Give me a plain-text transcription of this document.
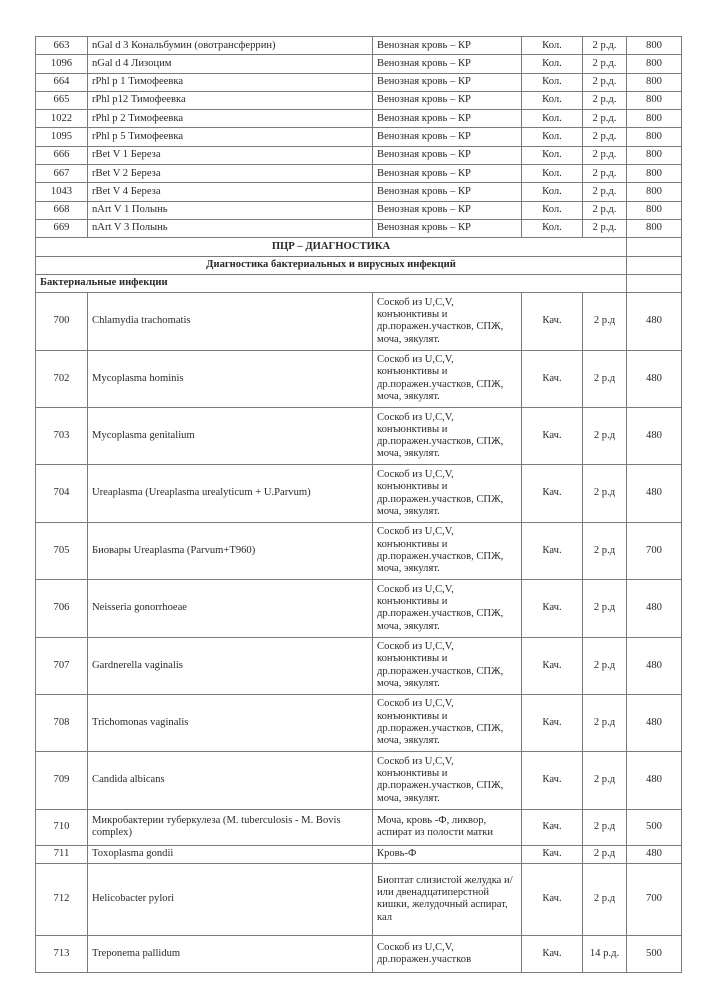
663	nGal d 3 Кональбумин (овотрансферрин)	Венозная кровь – КР	Кол.	2 р.д.	800
1096	nGal d 4 Лизоцим	Венозная кровь – КР	Кол.	2 р.д.	800
664	rPhl p 1 Тимофеевка	Венозная кровь – КР	Кол.	2 р.д.	800
665	rPhl p12 Тимофеевка	Венозная кровь – КР	Кол.	2 р.д.	800
1022	rPhl p 2 Тимофеевка	Венозная кровь – КР	Кол.	2 р.д.	800
1095	rPhl p 5 Тимофеевка	Венозная кровь – КР	Кол.	2 р.д.	800
666	rBet V 1 Береза	Венозная кровь – КР	Кол.	2 р.д.	800
667	rBet V 2 Береза	Венозная кровь – КР	Кол.	2 р.д.	800
1043	rBet V 4 Береза	Венозная кровь – КР	Кол.	2 р.д.	800
668	nArt V 1 Полынь	Венозная кровь – КР	Кол.	2 р.д.	800
669	nArt V 3 Полынь	Венозная кровь – КР	Кол.	2 р.д.	800
ПЦР – ДИАГНОСТИКА					
Диагностика бактериальных и вирусных инфекций					
Бактериальные инфекции					
700	Chlamydia trachomatis	Соскоб из U,C,V, конъюнктивы и др.поражен.участков, СПЖ, моча, эякулят.	Кач.	2 р.д	480
702	Mycoplasma hominis	Соскоб из U,C,V, конъюнктивы и др.поражен.участков, СПЖ, моча, эякулят.	Кач.	2 р.д	480
703	Mycoplasma genitalium	Соскоб из U,C,V, конъюнктивы и др.поражен.участков, СПЖ, моча, эякулят.	Кач.	2 р.д	480
704	Ureaplasma (Ureaplasma urealyticum + U.Parvum)	Соскоб из U,C,V, конъюнктивы и др.поражен.участков, СПЖ, моча, эякулят.	Кач.	2 р.д	480
705	Биовары Ureaplasma (Parvum+T960)	Соскоб из U,C,V, конъюнктивы и др.поражен.участков, СПЖ, моча, эякулят.	Кач.	2 р.д	700
706	Neisseria gonorrhoeae	Соскоб из U,C,V, конъюнктивы и др.поражен.участков, СПЖ, моча, эякулят.	Кач.	2 р.д	480
707	Gardnerella vaginalis	Соскоб из U,C,V, конъюнктивы и др.поражен.участков, СПЖ, моча, эякулят.	Кач.	2 р.д	480
708	Trichomonas vaginalis	Соскоб из U,C,V, конъюнктивы и др.поражен.участков, СПЖ, моча, эякулят.	Кач.	2 р.д	480
709	Candida albicans	Соскоб из U,C,V, конъюнктивы и др.поражен.участков, СПЖ, моча, эякулят.	Кач.	2 р.д	480
710	Микробактерии туберкулеза (M. tuberculosis - M. Bovis complex)	Моча, кровь -Ф, ликвор, аспират из полости матки	Кач.	2 р.д	500
711	Toxoplasma gondii	Кровь-Ф	Кач.	2 р.д	480
712	Helicobacter pylori	Биоптат слизистой желудка и/или двенадцатиперстной кишки, желудочный аспират, кал	Кач.	2 р.д	700
713	Treponema pallidum	Соскоб из U,C,V, др.поражен.участков	Кач.	14 р.д.	500
